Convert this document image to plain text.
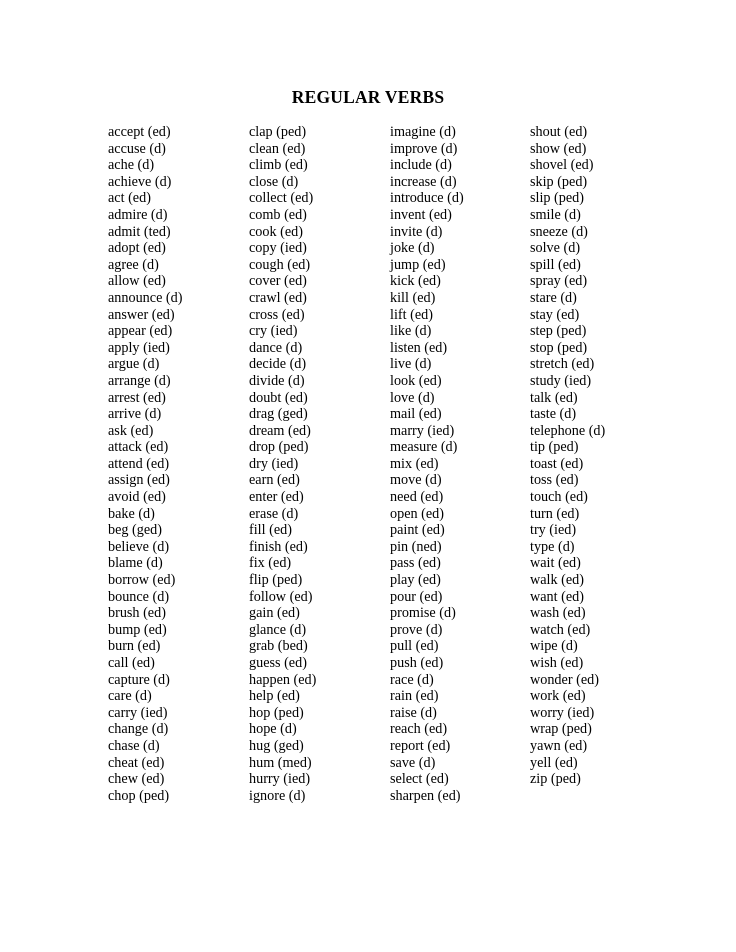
REGULAR VERBS
accept (ed)
accuse (d)
ache (d)
achieve (d)
act (ed)
admire (d)
admit (ted)
adopt (ed)
agree (d)
allow (ed)
announce (d)
answer (ed)
appear (ed)
apply (ied)
argue (d)
arrange (d)
arrest (ed)
arrive (d)
ask (ed)
attack (ed)
attend (ed)
assign (ed)
avoid (ed)
bake (d)
beg (ged)
believe (d)
blame (d)
borrow (ed)
bounce (d)
brush (ed)
bump (ed)
burn (ed)
call (ed)
capture (d)
care (d)
carry (ied)
change (d)
chase (d)
cheat (ed)
chew (ed)
chop (ped)
clap (ped)
clean (ed)
climb (ed)
close (d)
collect (ed)
comb (ed)
cook (ed)
copy (ied)
cough (ed)
cover (ed)
crawl (ed)
cross (ed)
cry (ied)
dance (d)
decide (d)
divide (d)
doubt (ed)
drag (ged)
dream (ed)
drop (ped)
dry (ied)
earn (ed)
enter (ed)
erase (d)
fill (ed)
finish (ed)
fix (ed)
flip (ped)
follow (ed)
gain (ed)
glance (d)
grab (bed)
guess (ed)
happen (ed)
help (ed)
hop (ped)
hope (d)
hug (ged)
hum (med)
hurry (ied)
ignore (d)
imagine (d)
improve (d)
include (d)
increase (d)
introduce (d)
invent (ed)
invite (d)
joke (d)
jump (ed)
kick (ed)
kill (ed)
lift (ed)
like (d)
listen (ed)
live (d)
look (ed)
love (d)
mail (ed)
marry (ied)
measure (d)
mix (ed)
move (d)
need (ed)
open (ed)
paint (ed)
pin (ned)
pass (ed)
play (ed)
pour (ed)
promise (d)
prove (d)
pull (ed)
push (ed)
race (d)
rain (ed)
raise (d)
reach (ed)
report (ed)
save (d)
select (ed)
sharpen (ed)
shout (ed)
show (ed)
shovel (ed)
skip (ped)
slip (ped)
smile (d)
sneeze (d)
solve (d)
spill (ed)
spray (ed)
stare (d)
stay (ed)
step (ped)
stop (ped)
stretch (ed)
study (ied)
talk (ed)
taste (d)
telephone (d)
tip (ped)
toast (ed)
toss (ed)
touch (ed)
turn (ed)
try (ied)
type (d)
wait (ed)
walk (ed)
want (ed)
wash (ed)
watch (ed)
wipe (d)
wish (ed)
wonder (ed)
work (ed)
worry (ied)
wrap (ped)
yawn (ed)
yell (ed)
zip (ped)
